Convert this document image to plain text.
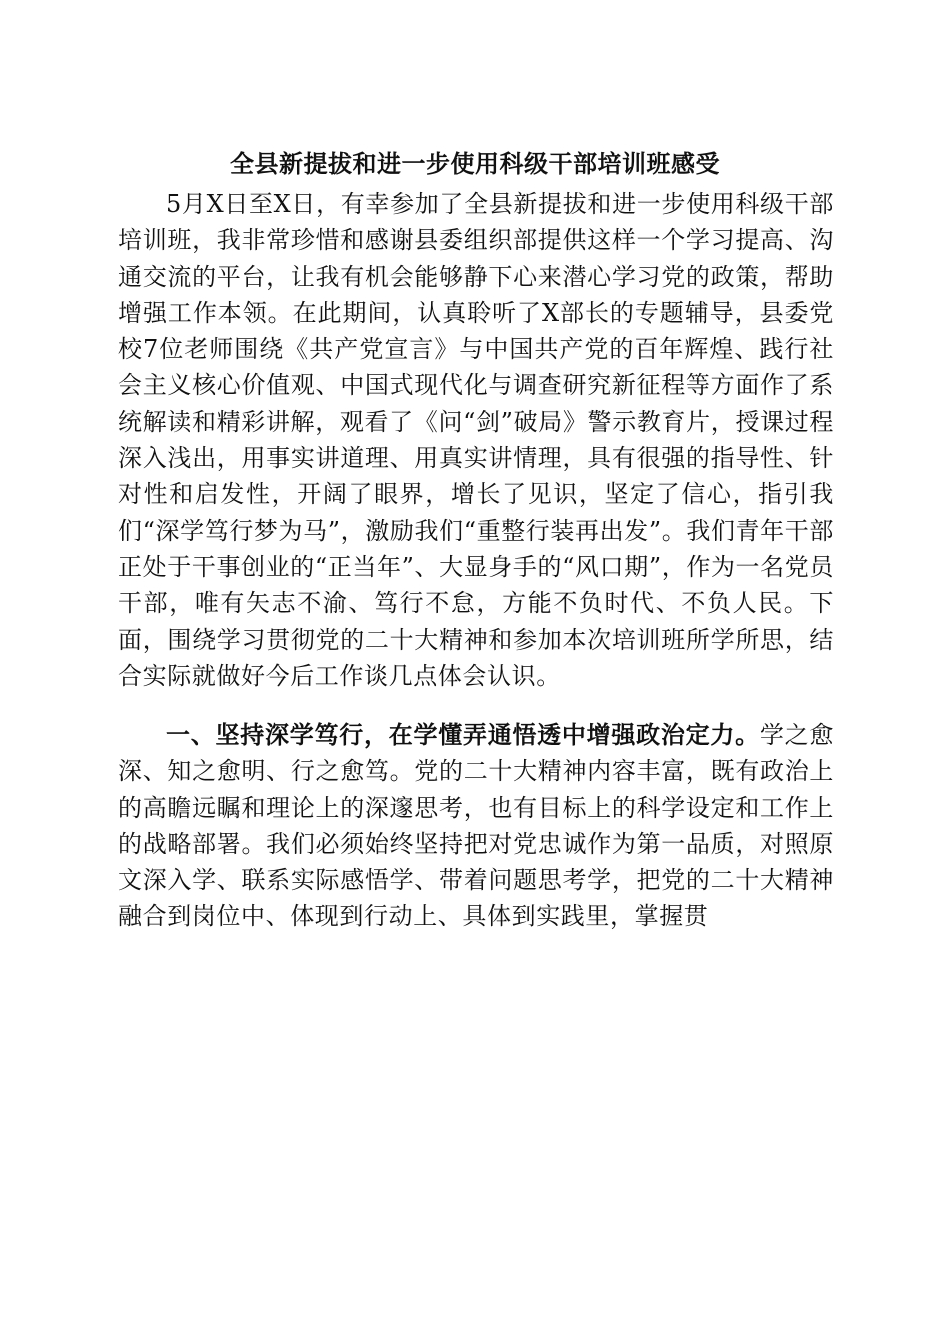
全县新提拔和进一步使用科级干部培训班感受

5月X日至X日，有幸参加了全县新提拔和进一步使用科级干部培训班，我非常珍惜和感谢县委组织部提供这样一个学习提高、沟通交流的平台，让我有机会能够静下心来潜心学习党的政策，帮助增强工作本领。在此期间，认真聆听了X部长的专题辅导，县委党校7位老师围绕《共产党宣言》与中国共产党的百年辉煌、践行社会主义核心价值观、中国式现代化与调查研究新征程等方面作了系统解读和精彩讲解，观看了《问“剑”破局》警示教育片，授课过程深入浅出，用事实讲道理、用真实讲情理，具有很强的指导性、针对性和启发性，开阔了眼界，增长了见识，坚定了信心，指引我们“深学笃行梦为马”，激励我们“重整行装再出发”。我们青年干部正处于干事创业的“正当年”、大显身手的“风口期”，作为一名党员干部，唯有矢志不渝、笃行不怠，方能不负时代、不负人民。下面，围绕学习贯彻党的二十大精神和参加本次培训班所学所思，结合实际就做好今后工作谈几点体会认识。

一、坚持深学笃行，在学懂弄通悟透中增强政治定力。学之愈深、知之愈明、行之愈笃。党的二十大精神内容丰富，既有政治上的高瞻远瞩和理论上的深邃思考，也有目标上的科学设定和工作上的战略部署。我们必须始终坚持把对党忠诚作为第一品质，对照原文深入学、联系实际感悟学、带着问题思考学，把党的二十大精神融合到岗位中、体现到行动上、具体到实践里，掌握贯
